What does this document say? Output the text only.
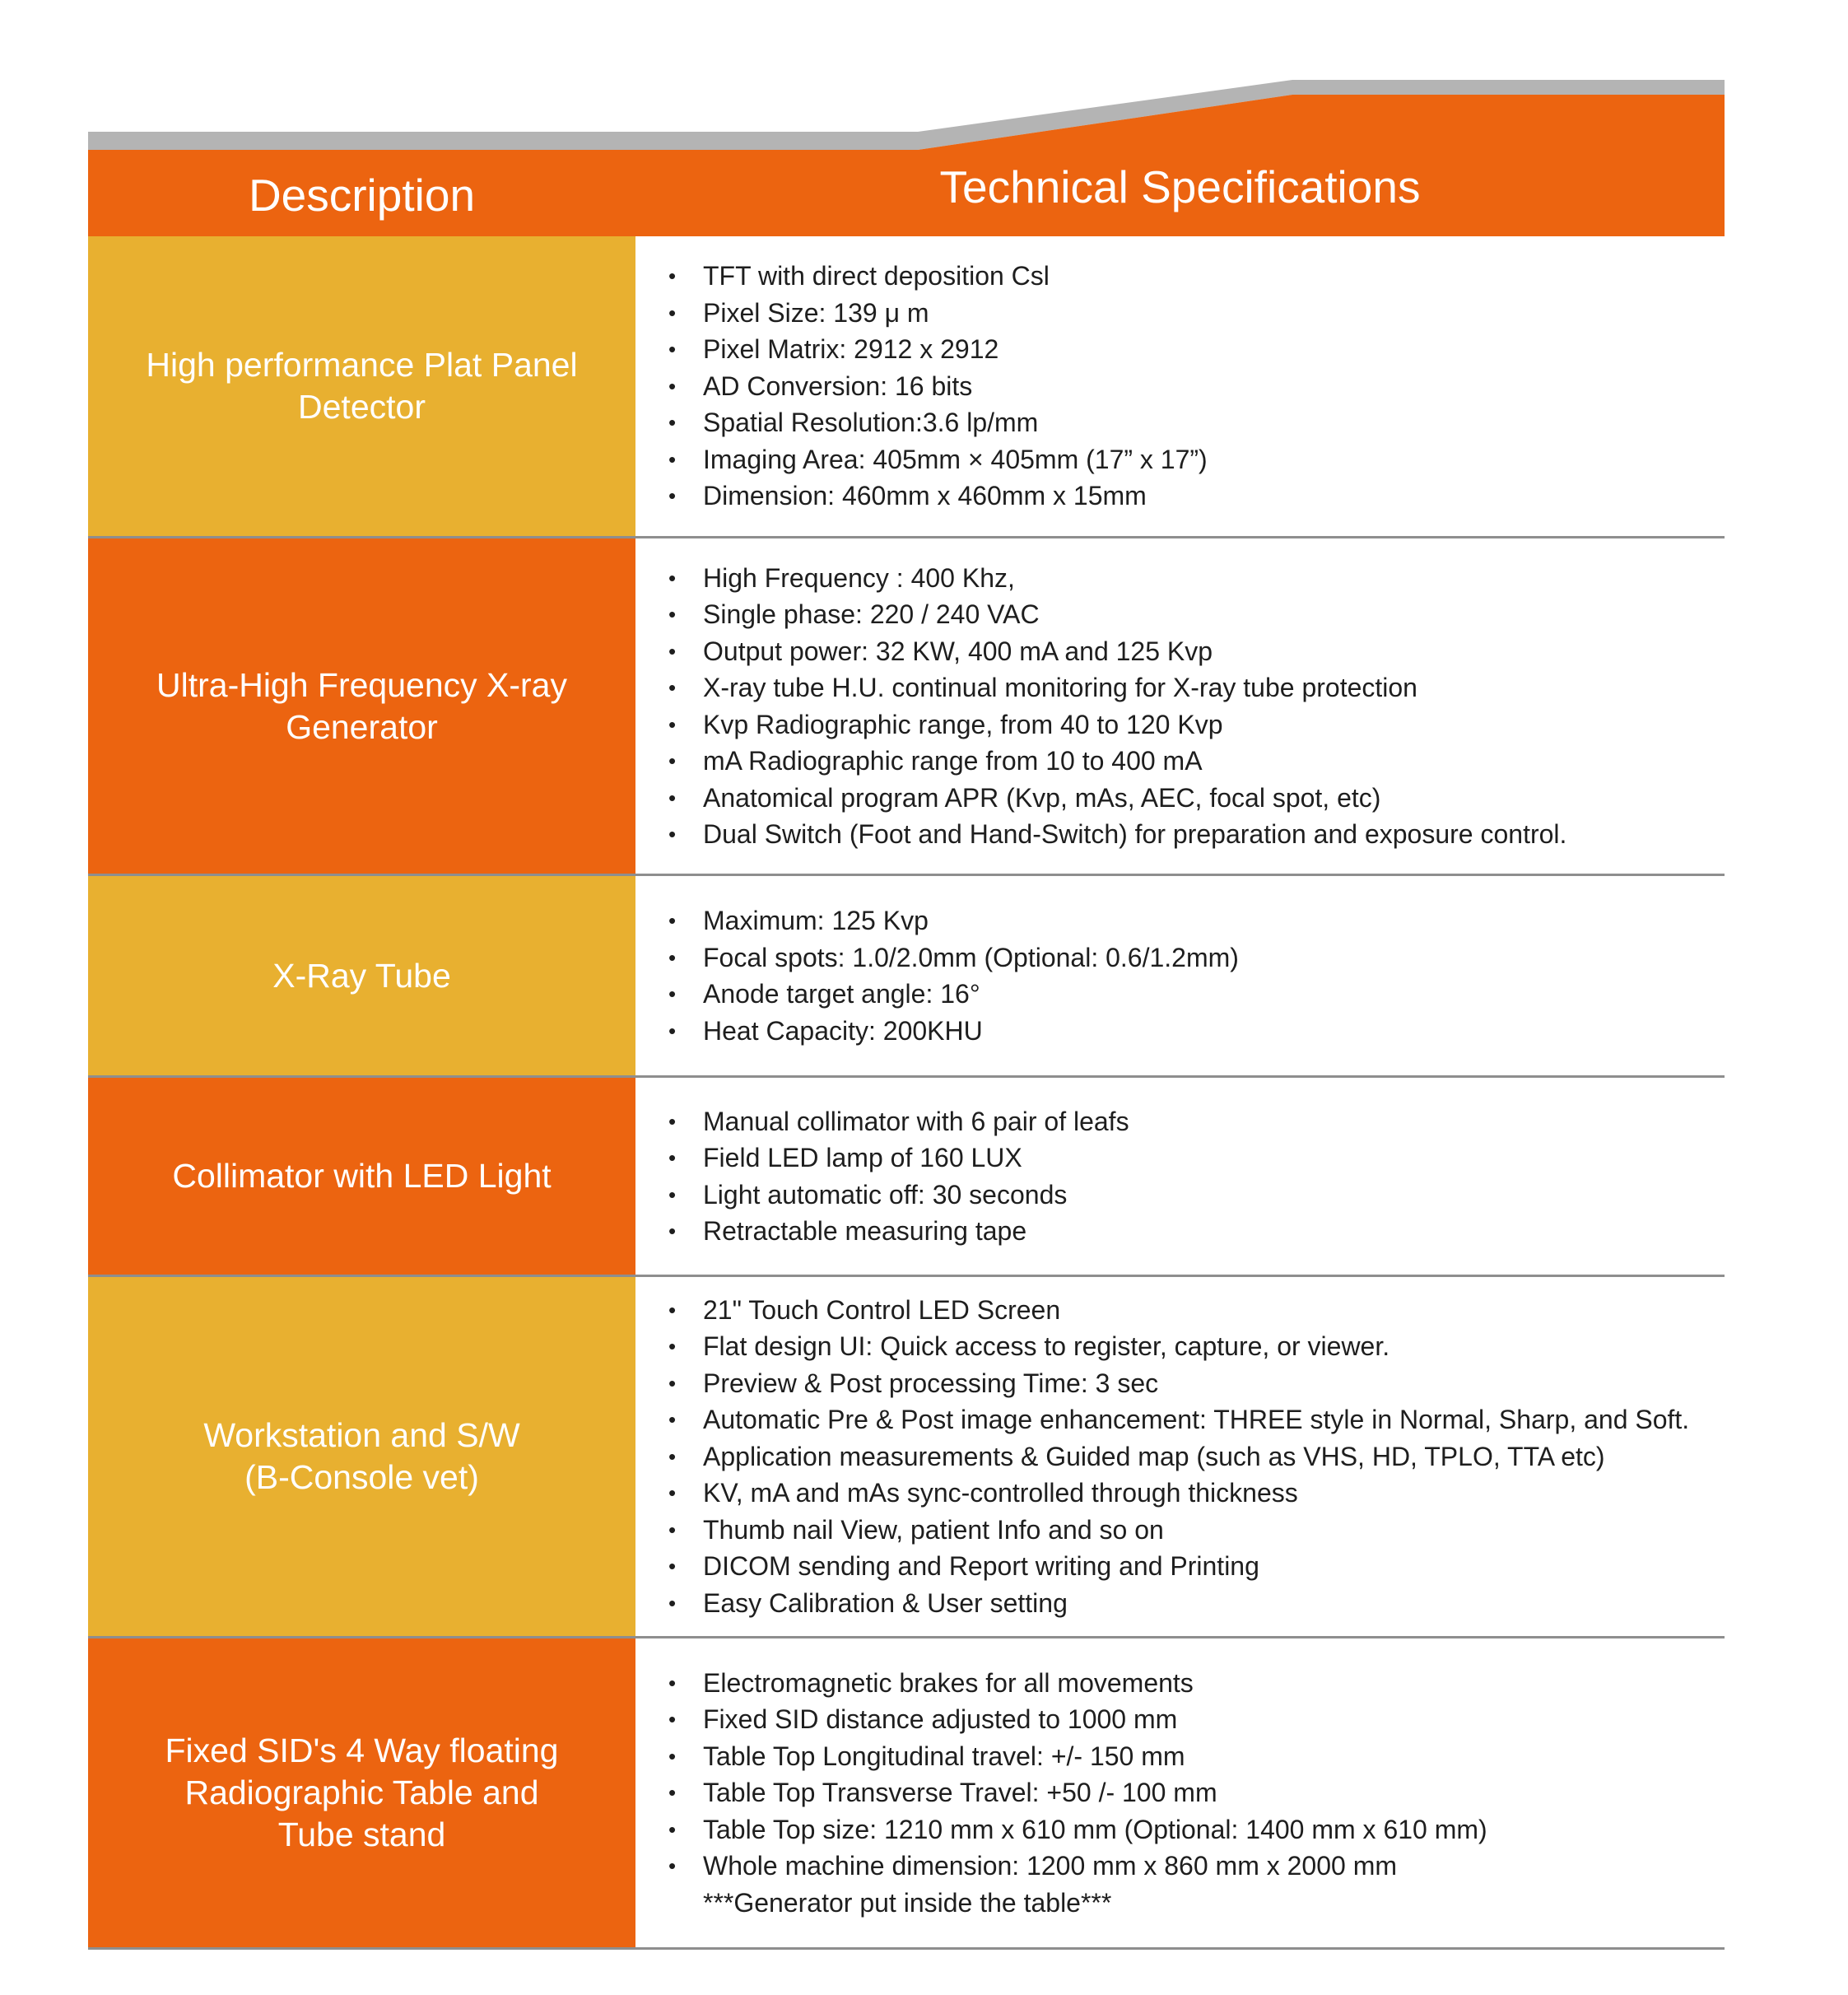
Description	Technical Specifications
High performance Plat Panel
Detector
• TFT with direct deposition Csl
• Pixel Size: 139 μ m
• Pixel Matrix: 2912 x 2912
• AD Conversion: 16 bits
• Spatial Resolution:3.6 lp/mm
• Imaging Area: 405mm × 405mm (17” x 17”)
• Dimension: 460mm x 460mm x 15mm
Ultra-High Frequency X-ray
Generator
• High Frequency : 400 Khz,
• Single phase: 220 / 240 VAC
• Output power: 32 KW, 400 mA and 125 Kvp
• X-ray tube H.U. continual monitoring for X-ray tube protection
• Kvp Radiographic range, from 40 to 120 Kvp
• mA Radiographic range from 10 to 400 mA
• Anatomical program APR (Kvp, mAs, AEC, focal spot, etc)
• Dual Switch (Foot and Hand-Switch) for preparation and exposure control.
X-Ray Tube
• Maximum: 125 Kvp
• Focal spots: 1.0/2.0mm (Optional: 0.6/1.2mm)
• Anode target angle: 16°
• Heat Capacity: 200KHU
Collimator with LED Light
• Manual collimator with 6 pair of leafs
• Field LED lamp of 160 LUX
• Light automatic off: 30 seconds
• Retractable measuring tape
Workstation and S/W
(B-Console vet)
• 21" Touch Control LED Screen
• Flat design UI: Quick access to register, capture, or viewer.
• Preview & Post processing Time: 3 sec
• Automatic Pre & Post image enhancement: THREE style in Normal, Sharp, and Soft.
• Application measurements & Guided map (such as VHS, HD, TPLO, TTA etc)
• KV, mA and mAs sync-controlled through thickness
• Thumb nail View, patient Info and so on
• DICOM sending and Report writing and Printing
• Easy Calibration & User setting
Fixed SID's 4 Way floating
Radiographic Table and
Tube stand
• Electromagnetic brakes for all movements
• Fixed SID distance adjusted to 1000 mm
• Table Top Longitudinal travel: +/- 150 mm
• Table Top Transverse Travel: +50 /- 100 mm
• Table Top size: 1210 mm x 610 mm (Optional: 1400 mm x 610 mm)
• Whole machine dimension: 1200 mm x 860 mm x 2000 mm
***Generator put inside the table***
